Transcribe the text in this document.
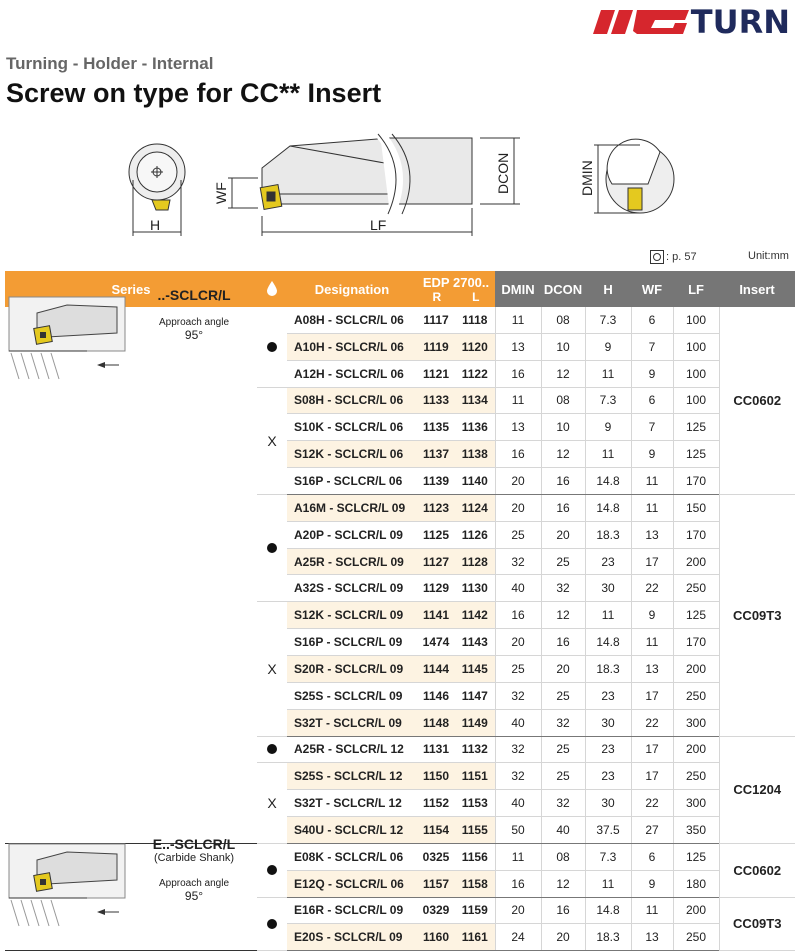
TURN
Turning - Holder - Internal
Screw on type for CC** Insert
H	LF
DCON
WF	DMIN
: p. 57	Unit:mm
Series		Designation	EDP 2700..
R L		DMIN	DCON	H	WF	LF	Insert

..-SCLCR/L
Approach angle
95°		A08H - SCLCR/L 06	1117	1118	11	08	7.3	6	100	CC0602
		A10H - SCLCR/L 06	1119	1120	13	10	9	7	100	
		A12H - SCLCR/L 06	1121	1122	16	12	11	9	100	
	X	S08H - SCLCR/L 06	1133	1134	11	08	7.3	6	100	
		S10K - SCLCR/L 06	1135	1136	13	10	9	7	125	
		S12K - SCLCR/L 06	1137	1138	16	12	11	9	125	
		S16P - SCLCR/L 06	1139	1140	20	16	14.8	11	170	
		A16M - SCLCR/L 09	1123	1124	20	16	14.8	11	150	CC09T3
		A20P - SCLCR/L 09	1125	1126	25	20	18.3	13	170	
		A25R - SCLCR/L 09	1127	1128	32	25	23	17	200	
		A32S - SCLCR/L 09	1129	1130	40	32	30	22	250	
	X	S12K - SCLCR/L 09	1141	1142	16	12	11	9	125	
		S16P - SCLCR/L 09	1474	1143	20	16	14.8	11	170	
		S20R - SCLCR/L 09	1144	1145	25	20	18.3	13	200	
		S25S - SCLCR/L 09	1146	1147	32	25	23	17	250	
		S32T - SCLCR/L 09	1148	1149	40	32	30	22	300	
		A25R - SCLCR/L 12	1131	1132	32	25	23	17	200	CC1204
	X	S25S - SCLCR/L 12	1150	1151	32	25	23	17	250	
		S32T - SCLCR/L 12	1152	1153	40	32	30	22	300	
		S40U - SCLCR/L 12	1154	1155	50	40	37.5	27	350	

E..-SCLCR/L
(Carbide Shank)
Approach angle
95°		E08K - SCLCR/L 06	0325	1156	11	08	7.3	6	125	CC0602
		E12Q - SCLCR/L 06	1157	1158	16	12	11	9	180	
		E16R - SCLCR/L 09	0329	1159	20	16	14.8	11	200	CC09T3
		E20S - SCLCR/L 09	1160	1161	24	20	18.3	13	250	
